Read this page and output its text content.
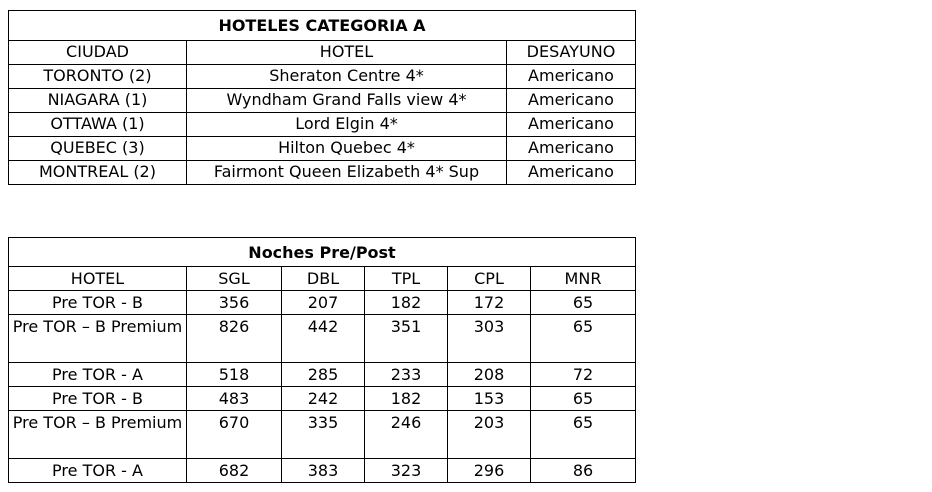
HOTELES CATEGORIA A		
CIUDAD	HOTEL	DESAYUNO
TORONTO (2)	Sheraton Centre 4*	Americano
NIAGARA (1)	Wyndham Grand Falls view 4*	Americano
OTTAWA (1)	Lord Elgin 4*	Americano
QUEBEC (3)	Hilton Quebec 4*	Americano
MONTREAL (2)	Fairmont Queen Elizabeth 4* Sup	Americano
Noches Pre/Post					
HOTEL	SGL	DBL	TPL	CPL	MNR
Pre TOR - B	356	207	182	172	65
Pre TOR – B Premium	826	442	351	303	65
Pre TOR - A	518	285	233	208	72
Pre TOR - B	483	242	182	153	65
Pre TOR – B Premium	670	335	246	203	65
Pre TOR - A	682	383	323	296	86
